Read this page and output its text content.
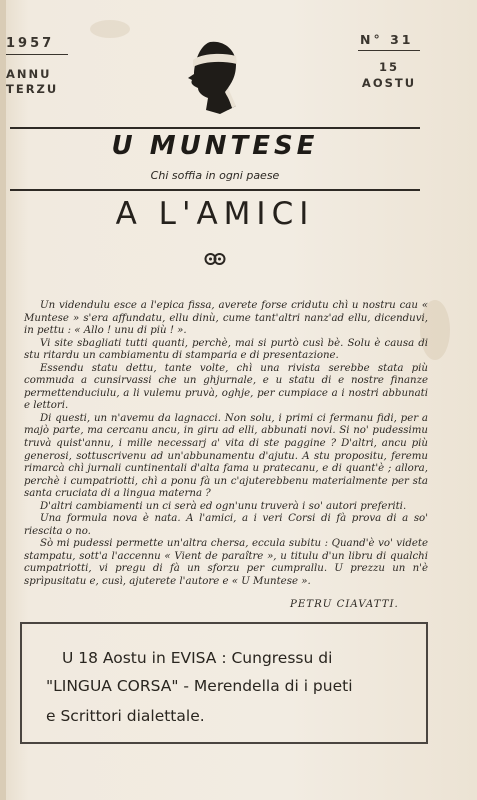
1957
ANNU
TERZU
N° 31
15
AOSTU
U MUNTESE
Chi soffia in ogni paese
A L'AMICI

Un videndulu esce a l'epica fissa, averete forse cridutu chì u nostru cau « Muntese » s'era affundatu, ellu dinù, cume tant'altri nanz'ad ellu, dicenduvi, in pettu : « Allo ! unu di più ! ».

Vi site sbagliati tutti quanti, perchè, mai si purtò cusì bè. Solu è causa di stu ritardu un cambiamentu di stamparia e di presentazione.

Essendu statu dettu, tante volte, chì una rivista serebbe stata più commuda a cunsirvassi che un ghjurnale, e u statu di e nostre finanze permettenduciulu, a li vulemu pruvà, oghje, per cumpiace a i nostri abbunati e lettori.

Di questi, un n'avemu da lagnacci. Non solu, i primi ci fermanu fidi, per a majò parte, ma cercanu ancu, in giru ad elli, abbunati novi. Si no' pudessimu truvà quist'annu, i mille necessarj a' vita di ste paggine ? D'altri, ancu più generosi, sottuscrivenu ad un'abbunamentu d'ajutu. A stu propositu, feremu rimarcà chì jurnali cuntinentali d'alta fama u pratecanu, e di quant'è ; allora, perchè i cumpatriotti, chì a ponu fà un c'ajuterebbenu materialmente per sta santa cruciata di a lingua materna ?

D'altri cambiamenti un ci serà ed ogn'unu truverà i so' autori preferiti.

Una formula nova è nata. A l'amici, a i veri Corsi di fà prova di a so' riescita o no.

Sò mi pudessi permette un'altra chersa, eccula subitu : Quand'è vo' videte stampatu, sott'a l'accennu « Vient de paraître », u titulu d'un libru di qualchi cumpatriotti, vi pregu di fà un sforzu per cumprallu. U prezzu un n'è sprìpusitatu e, cusì, ajuterete l'autore e « U Muntese ».

PETRU CIAVATTI.
U 18 Aostu in EVISA : Cungressu di
"LINGUA CORSA" - Merendella di i pueti
e Scrittori dialettale.
